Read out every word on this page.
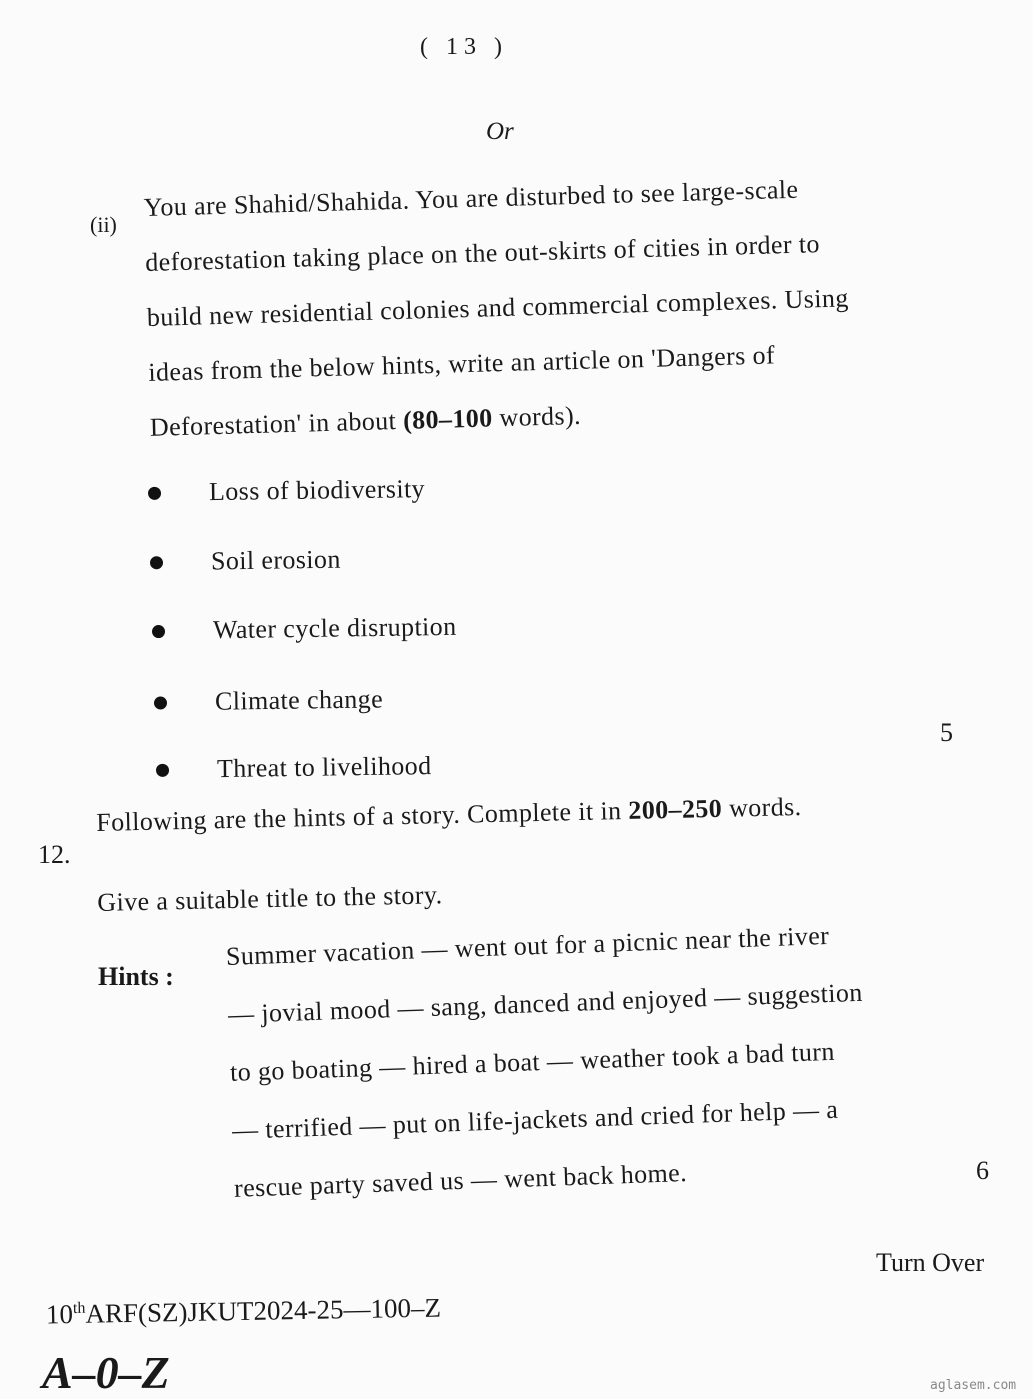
( 13 )
Or
(ii)

You are Shahid/Shahida. You are disturbed to see large-scale

deforestation taking place on the out-skirts of cities in order to

build new residential colonies and commercial complexes. Using

ideas from the below hints, write an article on 'Dangers of

Deforestation' in about (80–100 words).

Loss of biodiversity
Soil erosion
Water cycle disruption
Climate change
Threat to livelihood
5
12.
Following are the hints of a story. Complete it in 200–250 words.
Give a suitable title to the story.
Hints :

Summer vacation — went out for a picnic near the river

— jovial mood — sang, danced and enjoyed — suggestion

to go boating — hired a boat — weather took a bad turn

— terrified — put on life-jackets and cried for help — a

rescue party saved us — went back home.	6
Turn Over
10thARF(SZ)JKUT2024-25—100–Z
A–0–Z	aglasem.com
